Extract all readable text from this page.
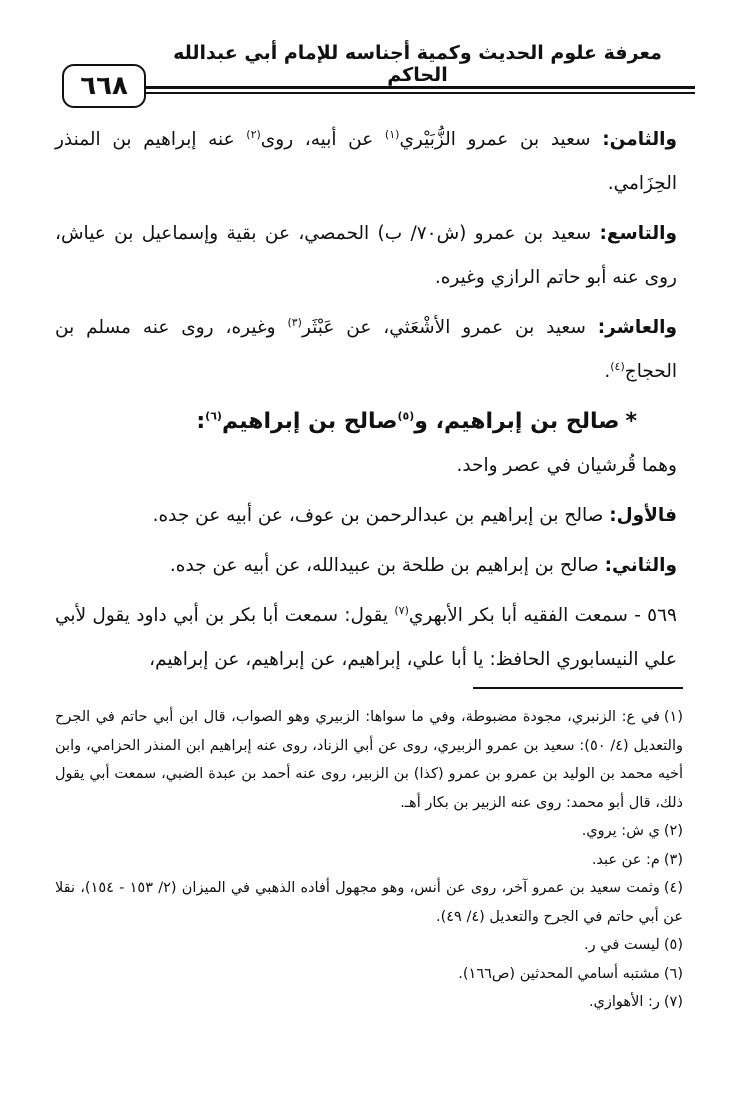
معرفة علوم الحديث وكمية أجناسه للإمام أبي عبدالله الحاكم
٦٦٨

والثامن: سعيد بن عمرو الزُّبَيْري$^{(١)}$ عن أبيه، روى$^{(٢)}$ عنه إبراهيم بن المنذر الحِزَامي.

والتاسع: سعيد بن عمرو (ش٧٠/ ب) الحمصي، عن بقية وإسماعيل بن عياش، روى عنه أبو حاتم الرازي وغيره.

والعاشر: سعيد بن عمرو الأشْعَثي، عن عَبْثَر$^{(٣)}$ وغيره، روى عنه مسلم بن الحجاج$^{(٤)}$.

*صالح بن إبراهيم، و$^{(٥)}$صالح بن إبراهيم$^{(٦)}$:

وهما قُرشيان في عصر واحد.

فالأول: صالح بن إبراهيم بن عبدالرحمن بن عوف، عن أبيه عن جده.

والثاني: صالح بن إبراهيم بن طلحة بن عبيدالله، عن أبيه عن جده.

٥٦٩ - سمعت الفقيه أبا بكر الأبهري$^{(٧)}$ يقول: سمعت أبا بكر بن أبي داود يقول لأبي علي النيسابوري الحافظ: يا أبا علي، إبراهيم، عن إبراهيم، عن إبراهيم،

(١)في ع: الزنبري، مجودة مضبوطة، وفي ما سواها: الزبيري وهو الصواب، قال ابن أبي حاتم في الجرح والتعديل (٤/ ٥٠): سعيد بن عمرو الزبيري، روى عن أبي الزناد، روى عنه إبراهيم ابن المنذر الحزامي، وابن أخيه محمد بن الوليد بن عمرو بن عمرو (كذا) بن الزبير، روى عنه أحمد بن عبدة الضبي، سمعت أبي يقول ذلك، قال أبو محمد: روى عنه الزبير بن بكار أهـ.

(٢)ي ش: يروي.

(٣)م: عن عبد.

(٤)وثمت سعيد بن عمرو آخر، روى عن أنس، وهو مجهول أفاده الذهبي في الميزان (٢/ ١٥٣ - ١٥٤)، نقلا عن أبي حاتم في الجرح والتعديل (٤/ ٤٩).

(٥)ليست في ر.

(٦)مشتبه أسامي المحدثين (ص١٦٦).

(٧)ر: الأهوازي.
